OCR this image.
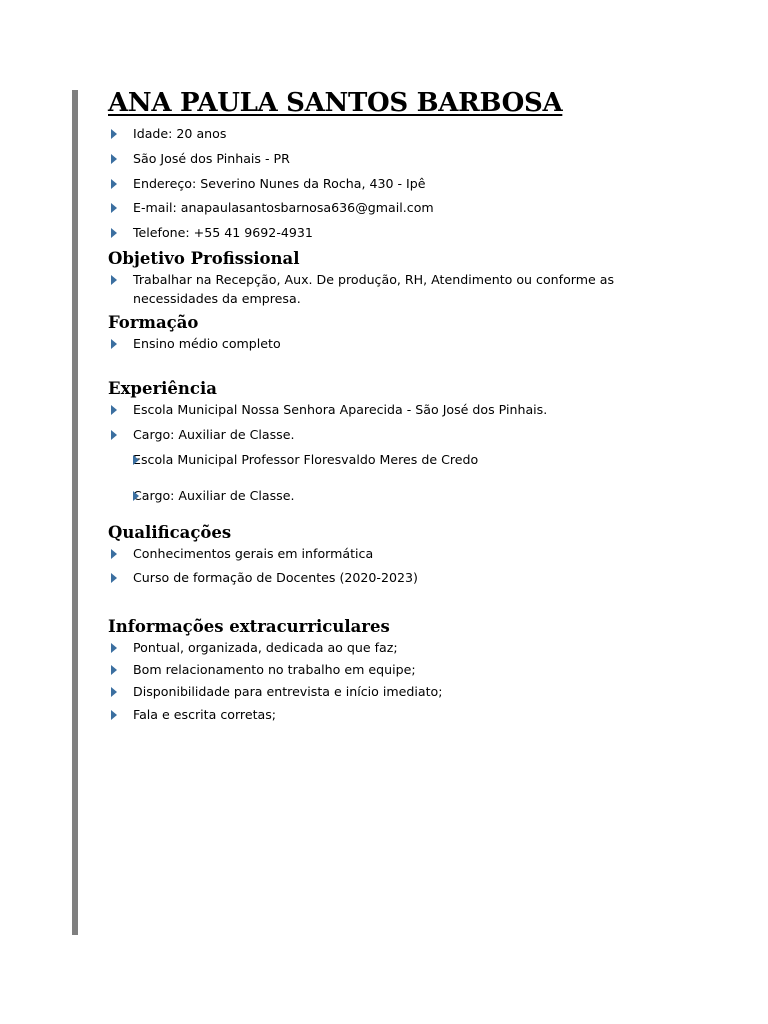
ANA PAULA SANTOS BARBOSA
Idade: 20 anos
São José dos Pinhais - PR
Endereço: Severino Nunes da Rocha, 430 - Ipê
E-mail: anapaulasantosbarnosa636@gmail.com
Telefone: +55 41 9692-4931
Objetivo Profissional
Trabalhar na Recepção, Aux. De produção, RH, Atendimento ou conforme as necessidades da empresa.
Formação
Ensino médio completo
Experiência
Escola Municipal Nossa Senhora Aparecida - São José dos Pinhais.
Cargo: Auxiliar de Classe.
Escola Municipal Professor Floresvaldo Meres de Credo
Cargo: Auxiliar de Classe.
Qualificações
Conhecimentos gerais em informática
Curso de formação de Docentes (2020-2023)
Informações extracurriculares
Pontual, organizada, dedicada ao que faz;
Bom relacionamento no trabalho em equipe;
Disponibilidade para entrevista e início imediato;
Fala e escrita corretas;
